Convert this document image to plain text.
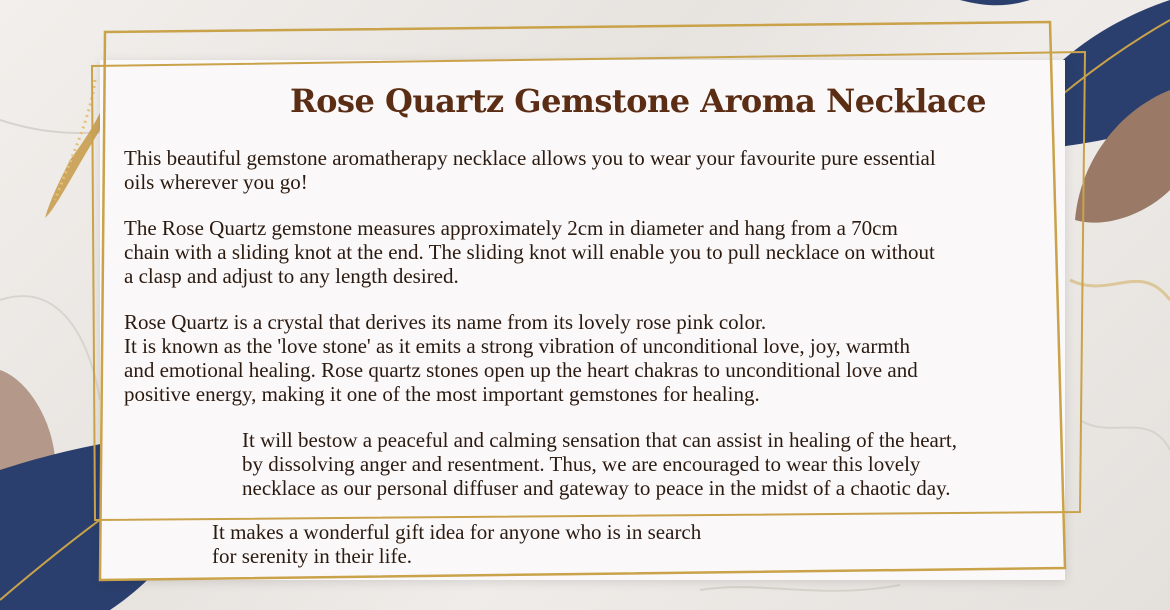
Rose Quartz Gemstone Aroma Necklace
This beautiful gemstone aromatherapy necklace allows you to wear your favourite pure essential
oils wherever you go!
The Rose Quartz gemstone measures approximately 2cm in diameter and hang from a 70cm
chain with a sliding knot at the end. The sliding knot will enable you to pull necklace on without
a clasp and adjust to any length desired.
Rose Quartz is a crystal that derives its name from its lovely rose pink color.
It is known as the 'love stone' as it emits a strong vibration of unconditional love, joy, warmth
and emotional healing. Rose quartz stones open up the heart chakras to unconditional love and
positive energy, making it one of the most important gemstones for healing.
It will bestow a peaceful and calming sensation that can assist in healing of the heart,
by dissolving anger and resentment. Thus, we are encouraged to wear this lovely
necklace as our personal diffuser and gateway to peace in the midst of a chaotic day.
It makes a wonderful gift idea for anyone who is in search
for serenity in their life.
